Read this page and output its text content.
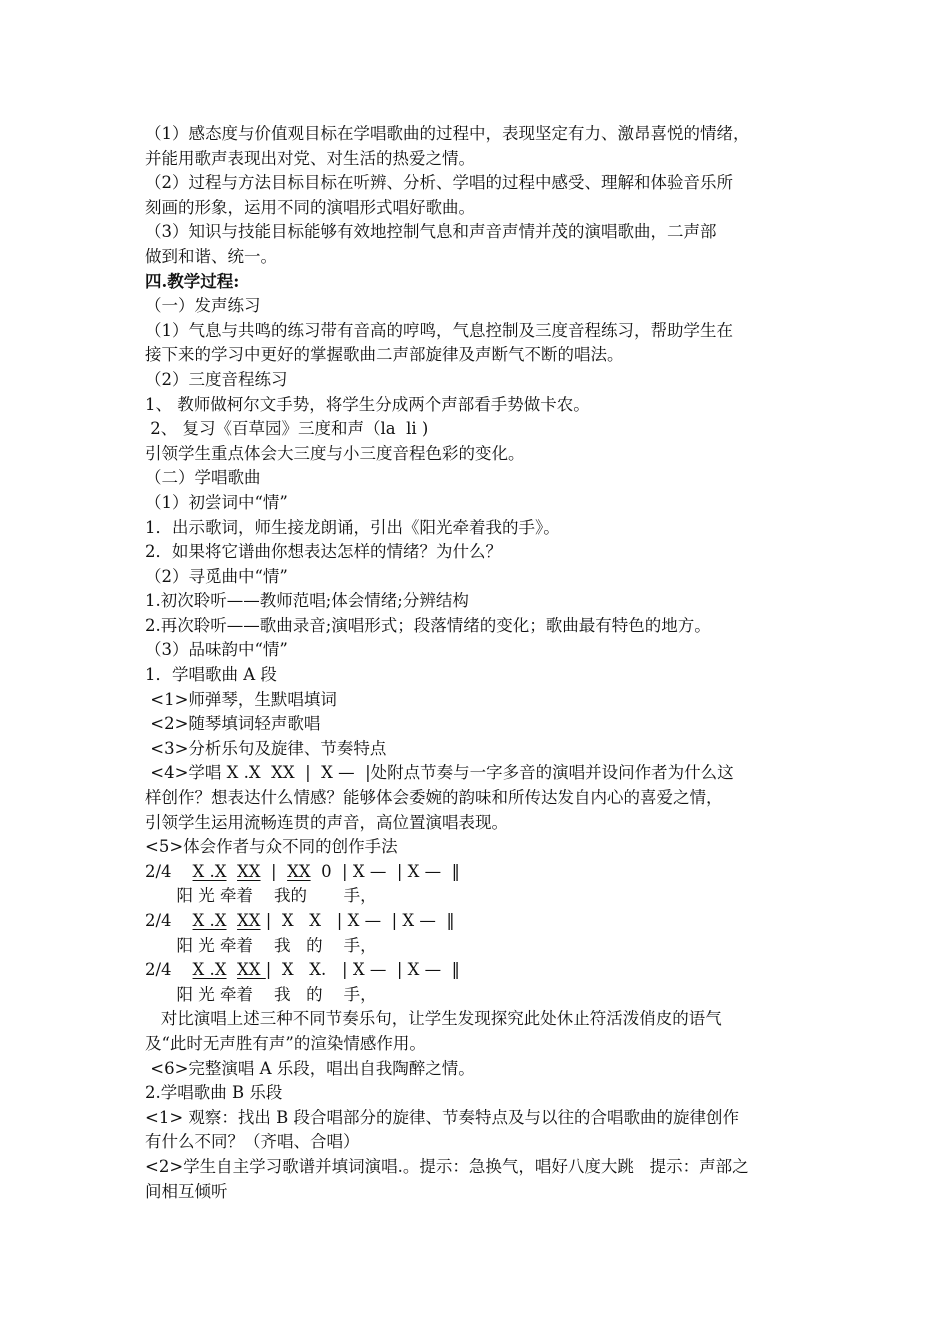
（1）感态度与价值观目标在学唱歌曲的过程中，表现坚定有力、激昂喜悦的情绪，
并能用歌声表现出对党、对生活的热爱之情。
（2）过程与方法目标目标在听辨、分析、学唱的过程中感受、理解和体验音乐所
刻画的形象，运用不同的演唱形式唱好歌曲。
（3）知识与技能目标能够有效地控制气息和声音声情并茂的演唱歌曲，二声部
做到和谐、统一。
四.教学过程:
（一）发声练习
（1）气息与共鸣的练习带有音高的哼鸣，气息控制及三度音程练习，帮助学生在
接下来的学习中更好的掌握歌曲二声部旋律及声断气不断的唱法。
（2）三度音程练习
1、 教师做柯尔文手势，将学生分成两个声部看手势做卡农。
2、 复习《百草园》三度和声（la  li )
引领学生重点体会大三度与小三度音程色彩的变化。
（二）学唱歌曲
（1）初尝词中“情”
1．出示歌词，师生接龙朗诵，引出《阳光牵着我的手》。
2．如果将它谱曲你想表达怎样的情绪？为什么？
（2）寻觅曲中“情”
1.初次聆听——教师范唱;体会情绪;分辨结构
2.再次聆听——歌曲录音;演唱形式；段落情绪的变化；歌曲最有特色的地方。
（3）品味韵中“情”
1．学唱歌曲 A 段
<1>师弹琴，生默唱填词
<2>随琴填词轻声歌唱
<3>分析乐句及旋律、节奏特点
<4>学唱 X .X  XX  |  X —  |处附点节奏与一字多音的演唱并设问作者为什么这
样创作？想表达什么情感？能够体会委婉的韵味和所传达发自内心的喜爱之情，
引领学生运用流畅连贯的声音，高位置演唱表现。
<5>体会作者与众不同的创作手法
2/4 X .X XX  |  XX  0  | X —  | X —  ‖
阳 光 牵着    我的       手，
2/4 X .X XX |  X   X   | X —  | X —  ‖
阳 光 牵着    我   的    手，
2/4 X .X XX |  X   X.   | X —  | X —  ‖
阳 光 牵着    我   的    手，
对比演唱上述三种不同节奏乐句，让学生发现探究此处休止符活泼俏皮的语气
及“此时无声胜有声”的渲染情感作用。
<6>完整演唱 A 乐段，唱出自我陶醉之情。
2.学唱歌曲 B 乐段
<1> 观察：找出 B 段合唱部分的旋律、节奏特点及与以往的合唱歌曲的旋律创作
有什么不同？（齐唱、合唱）
<2>学生自主学习歌谱并填词演唱.。提示：急换气，唱好八度大跳   提示：声部之
间相互倾听
